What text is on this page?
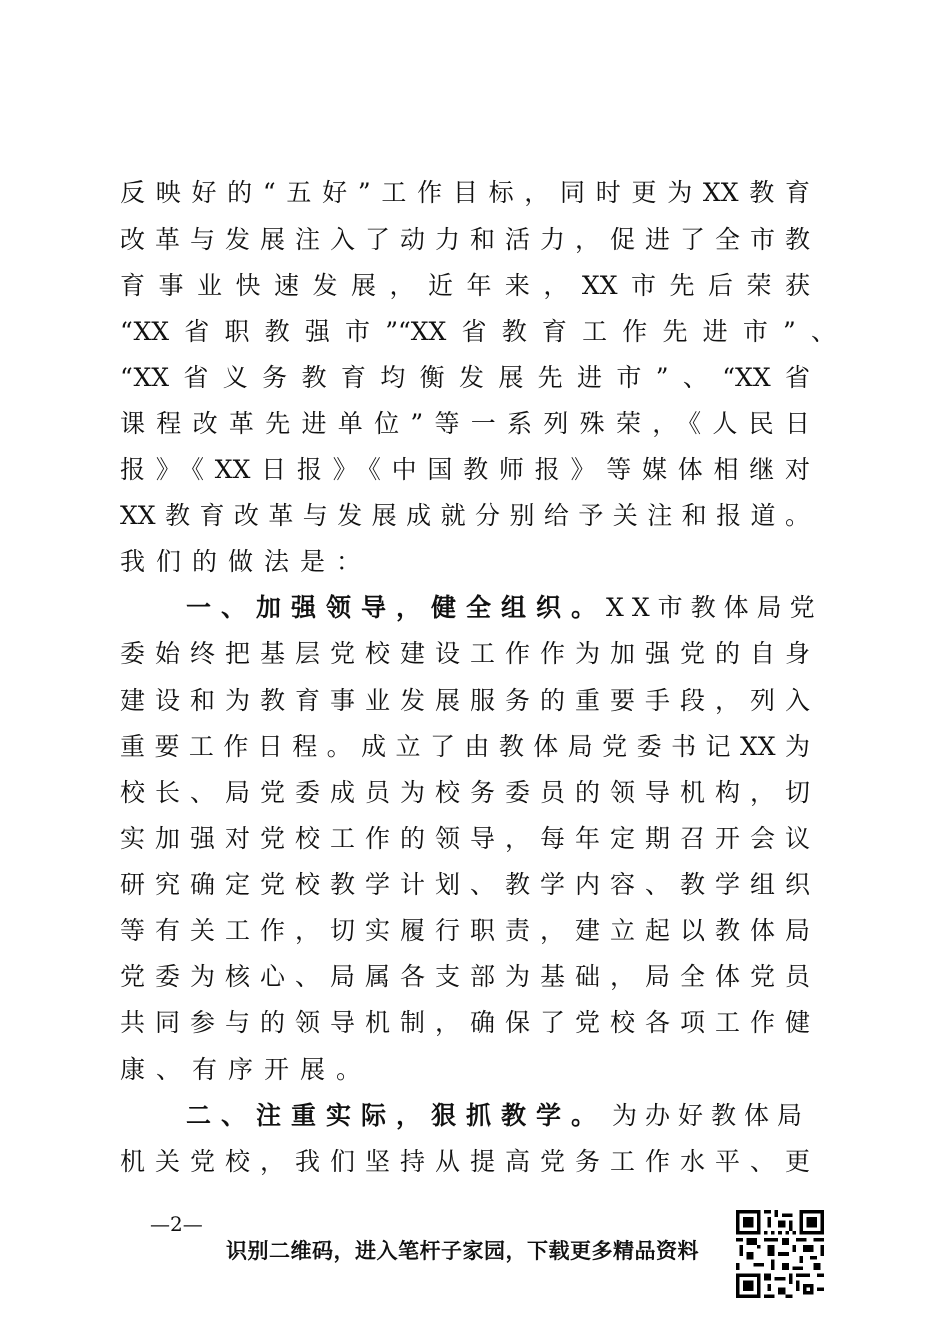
反映好的“五好”工作目标，同时更为XX教育
改革与发展注入了动力和活力，促进了全市教
育事业快速发展，近年来，XX市先后荣获
“XX省职教强市”“XX省教育工作先进市”、
“XX省义务教育均衡发展先进市”、“XX省
课程改革先进单位”等一系列殊荣，《人民日
报》《XX日报》《中国教师报》等媒体相继对
XX教育改革与发展成就分别给予关注和报道。
我们的做法是：
一、加强领导，健全组织。 XX市教体局党
委始终把基层党校建设工作作为加强党的自身
建设和为教育事业发展服务的重要手段，列入
重要工作日程。成立了由教体局党委书记XX为
校长、局党委成员为校务委员的领导机构，切
实加强对党校工作的领导，每年定期召开会议
研究确定党校教学计划、教学内容、教学组织
等有关工作，切实履行职责，建立起以教体局
党委为核心、局属各支部为基础，局全体党员
共同参与的领导机制，确保了党校各项工作健
康、有序开展。
二、注重实际，狠抓教学。 为办好教体局
机关党校，我们坚持从提高党务工作水平、更
—2—
识别二维码，进入笔杆子家园，下载更多精品资料
